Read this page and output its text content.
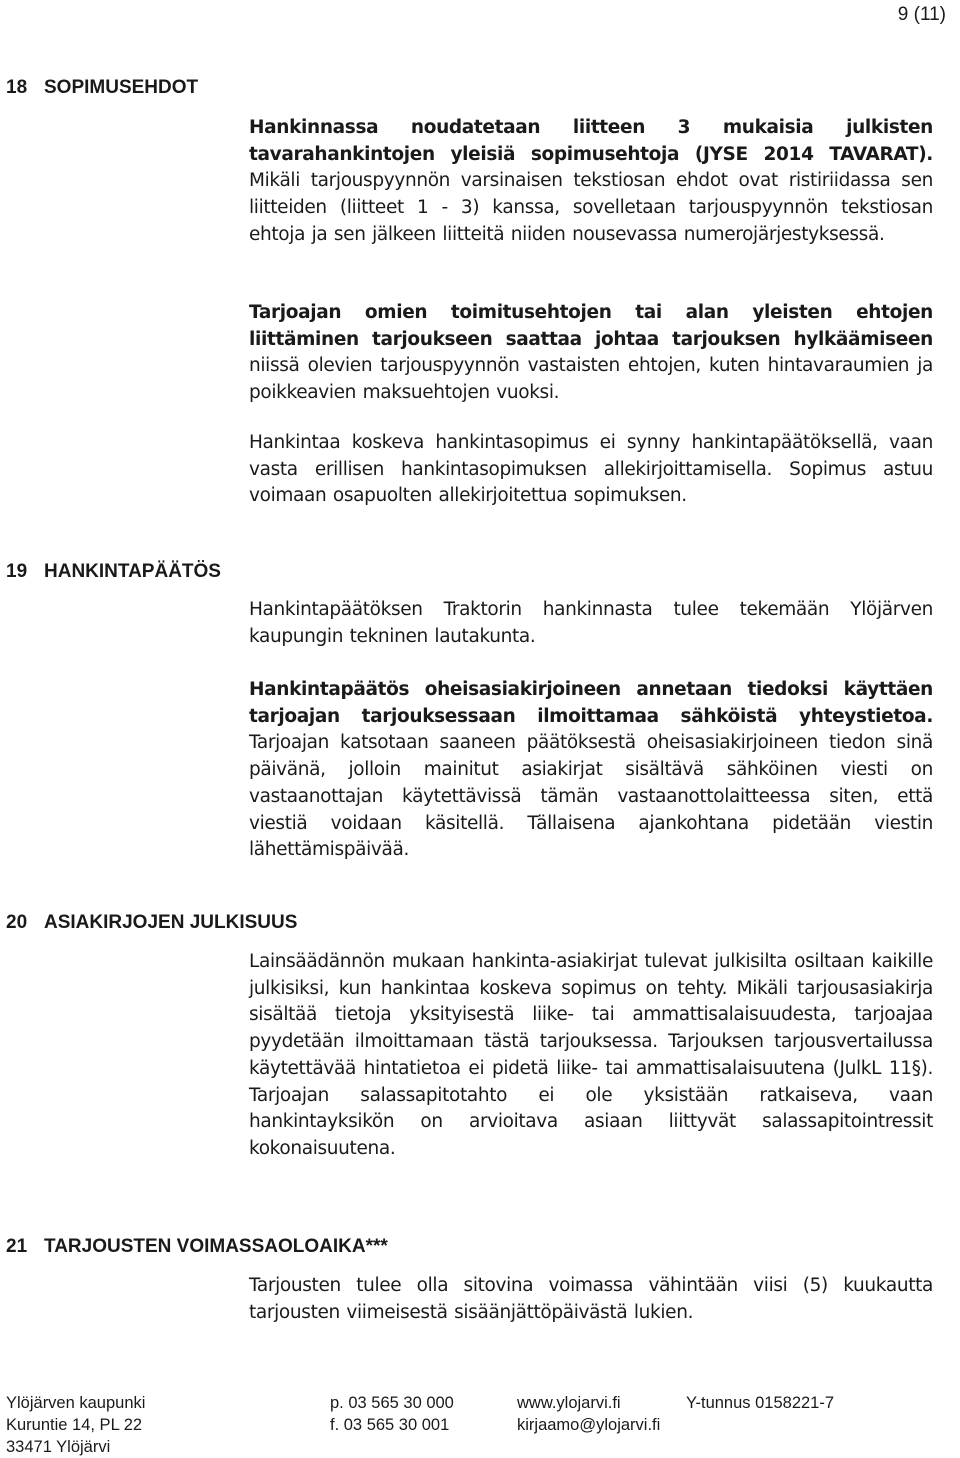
9 (11)
18 SOPIMUSEHDOT
Hankinnassa noudatetaan liitteen 3 mukaisia julkisten tavarahankintojen yleisiä sopimusehtoja (JYSE 2014 TAVARAT). Mikäli tarjouspyynnön varsinaisen tekstiosan ehdot ovat ristiriidassa sen liitteiden (liitteet 1 - 3) kanssa, sovelletaan tarjouspyynnön tekstiosan ehtoja ja sen jälkeen liitteitä niiden nousevassa numerojärjestyksessä.
Tarjoajan omien toimitusehtojen tai alan yleisten ehtojen liittäminen tarjoukseen saattaa johtaa tarjouksen hylkäämiseen niissä olevien tarjouspyynnön vastaisten ehtojen, kuten hintavaraumien ja poikkeavien maksuehtojen vuoksi.
Hankintaa koskeva hankintasopimus ei synny hankintapäätöksellä, vaan vasta erillisen hankintasopimuksen allekirjoittamisella. Sopimus astuu voimaan osapuolten allekirjoitettua sopimuksen.
19 HANKINTAPÄÄTÖS
Hankintapäätöksen Traktorin hankinnasta tulee tekemään Ylöjärven kaupungin tekninen lautakunta.
Hankintapäätös oheisasiakirjoineen annetaan tiedoksi käyttäen tarjoajan tarjouksessaan ilmoittamaa sähköistä yhteystietoa. Tarjoajan katsotaan saaneen päätöksestä oheisasiakirjoineen tiedon sinä päivänä, jolloin mainitut asiakirjat sisältävä sähköinen viesti on vastaanottajan käytettävissä tämän vastaanottolaitteessa siten, että viestiä voidaan käsitellä. Tällaisena ajankohtana pidetään viestin lähettämispäivää.
20 ASIAKIRJOJEN JULKISUUS
Lainsäädännön mukaan hankinta-asiakirjat tulevat julkisilta osiltaan kaikille julkisiksi, kun hankintaa koskeva sopimus on tehty. Mikäli tarjousasiakirja sisältää tietoja yksityisestä liike- tai ammattisalaisuudesta, tarjoajaa pyydetään ilmoittamaan tästä tarjouksessa. Tarjouksen tarjousvertailussa käytettävää hintatietoa ei pidetä liike- tai ammattisalaisuutena (JulkL 11§). Tarjoajan salassapitotahto ei ole yksistään ratkaiseva, vaan hankintayksikön on arvioitava asiaan liittyvät salassapitointressit kokonaisuutena.
21 TARJOUSTEN VOIMASSAOLOAIKA***
Tarjousten tulee olla sitovina voimassa vähintään viisi (5) kuukautta tarjousten viimeisestä sisäänjättöpäivästä lukien.
Ylöjärven kaupunki
Kuruntie 14, PL 22
33471 Ylöjärvi
p. 03 565 30 000
f. 03 565 30 001
www.ylojarvi.fi
kirjaamo@ylojarvi.fi
Y-tunnus 0158221-7
